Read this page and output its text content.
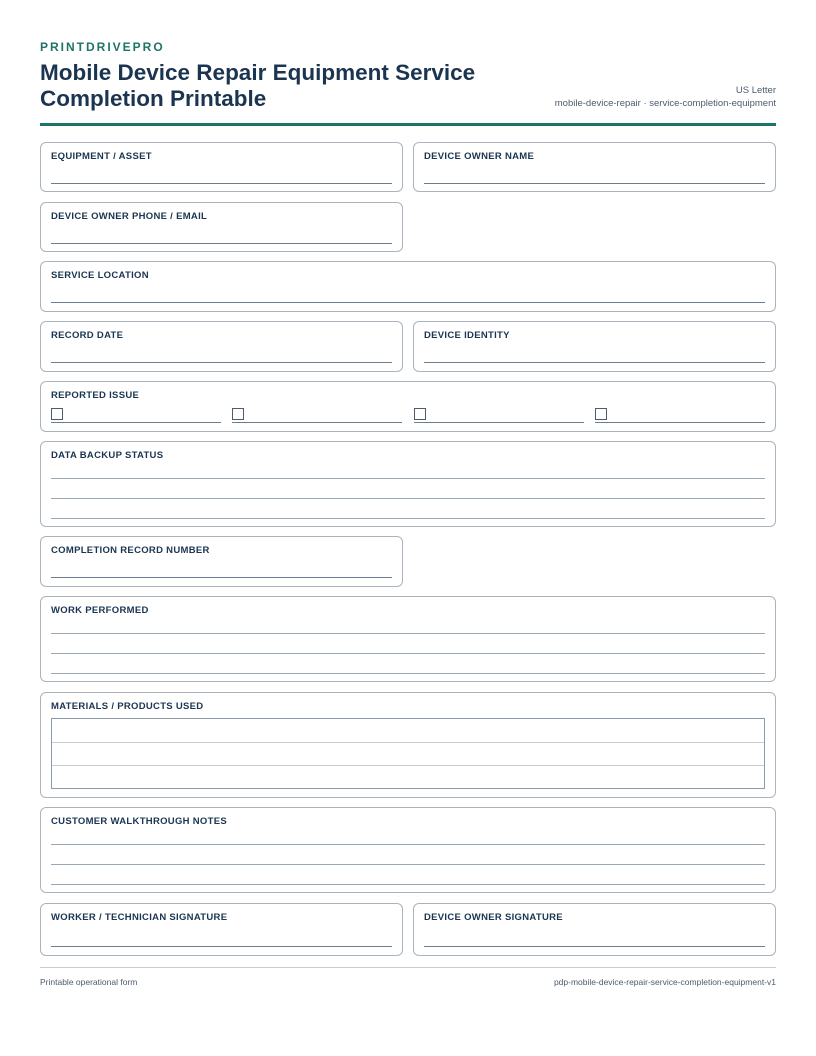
PRINTDRIVEPRO
Mobile Device Repair Equipment Service Completion Printable	US Letter
mobile-device-repair · service-completion-equipment
EQUIPMENT / ASSET	DEVICE OWNER NAME
DEVICE OWNER PHONE / EMAIL
SERVICE LOCATION
RECORD DATE	DEVICE IDENTITY
REPORTED ISSUE
DATA BACKUP STATUS
COMPLETION RECORD NUMBER
WORK PERFORMED
MATERIALS / PRODUCTS USED
CUSTOMER WALKTHROUGH NOTES
WORKER / TECHNICIAN SIGNATURE	DEVICE OWNER SIGNATURE
Printable operational form	pdp-mobile-device-repair-service-completion-equipment-v1
